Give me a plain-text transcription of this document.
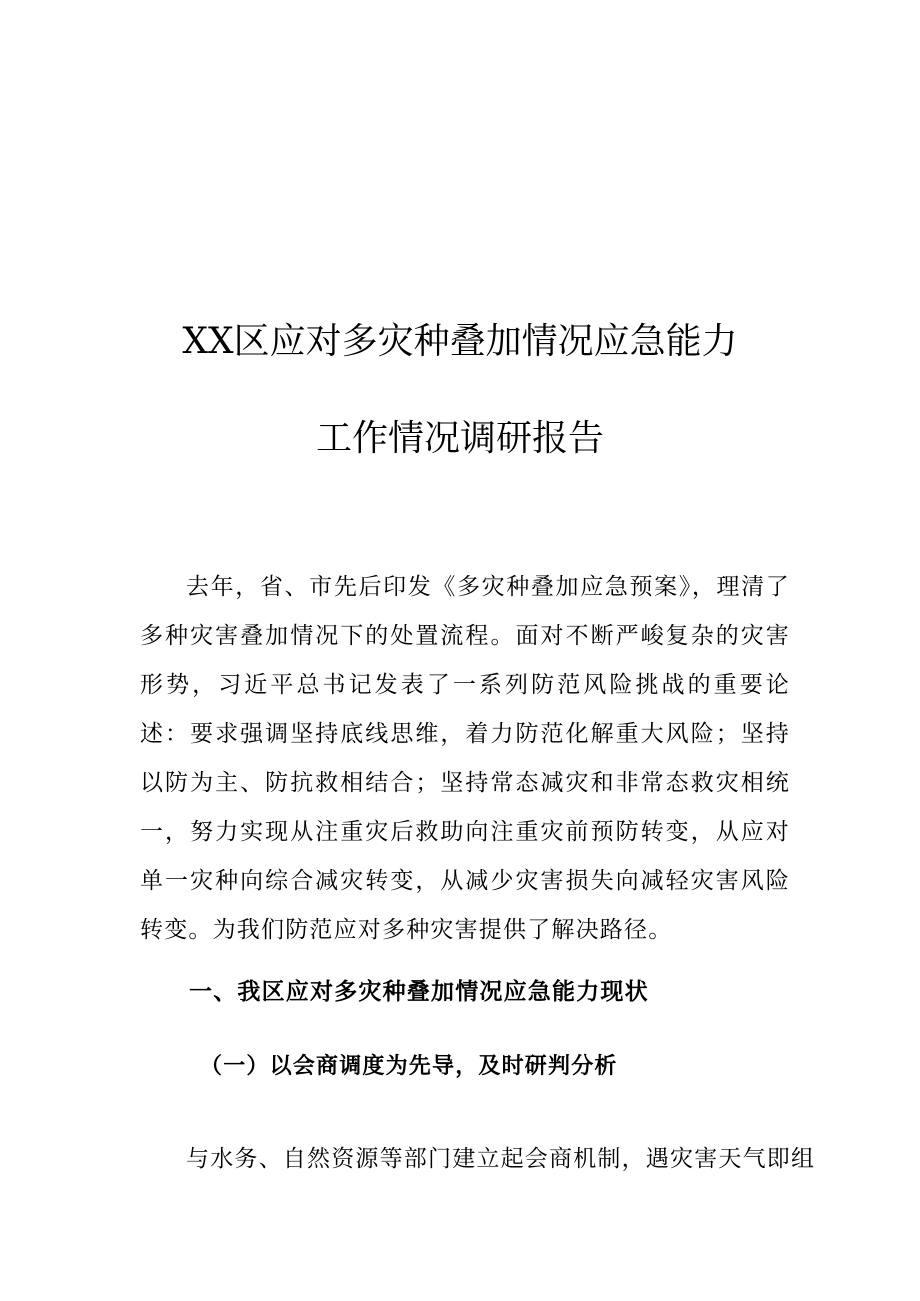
XX区应对多灾种叠加情况应急能力
工作情况调研报告
去年，省、市先后印发《多灾种叠加应急预案》，理清了多种灾害叠加情况下的处置流程。面对不断严峻复杂的灾害形势，习近平总书记发表了一系列防范风险挑战的重要论述：要求强调坚持底线思维，着力防范化解重大风险；坚持以防为主、防抗救相结合；坚持常态减灾和非常态救灾相统一，努力实现从注重灾后救助向注重灾前预防转变，从应对单一灾种向综合减灾转变，从减少灾害损失向减轻灾害风险转变。为我们防范应对多种灾害提供了解决路径。
一、我区应对多灾种叠加情况应急能力现状
（一）以会商调度为先导，及时研判分析
与水务、自然资源等部门建立起会商机制，遇灾害天气即组
